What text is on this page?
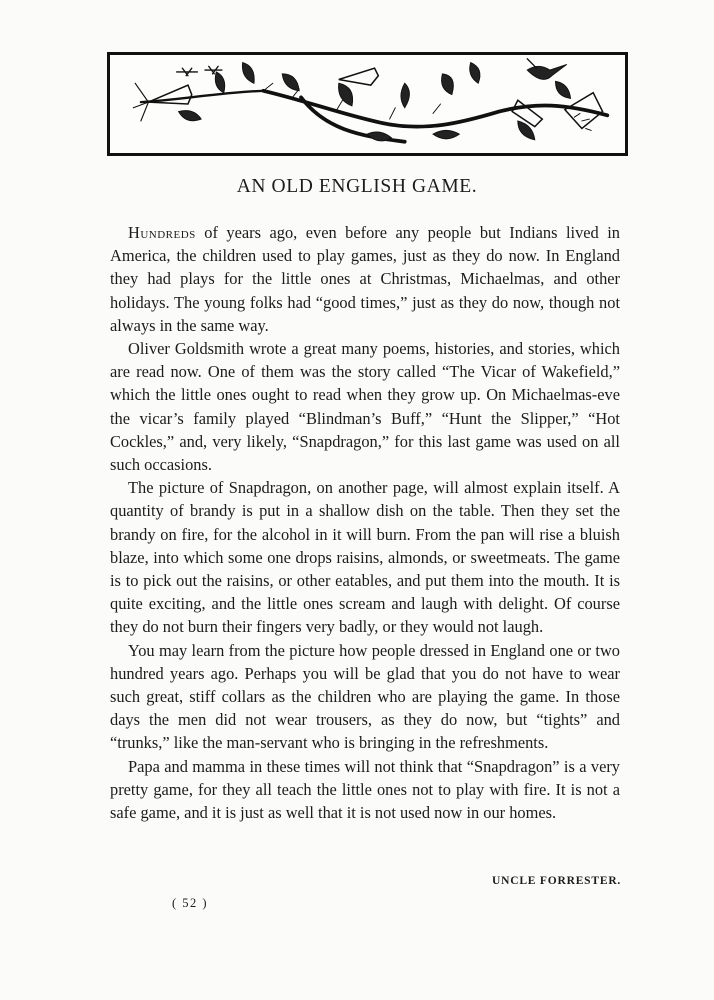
AN OLD ENGLISH GAME.

Hundreds of years ago, even before any people but Indians lived in America, the children used to play games, just as they do now. In England they had plays for the little ones at Christmas, Michaelmas, and other holidays. The young folks had “good times,” just as they do now, though not always in the same way.

Oliver Goldsmith wrote a great many poems, histories, and stories, which are read now. One of them was the story called “The Vicar of Wakefield,” which the little ones ought to read when they grow up. On Michaelmas-eve the vicar’s family played “Blindman’s Buff,” “Hunt the Slipper,” “Hot Cockles,” and, very likely, “Snapdragon,” for this last game was used on all such occasions.

The picture of Snapdragon, on another page, will almost explain itself. A quantity of brandy is put in a shallow dish on the table. Then they set the brandy on fire, for the alcohol in it will burn. From the pan will rise a bluish blaze, into which some one drops raisins, almonds, or sweetmeats. The game is to pick out the raisins, or other eatables, and put them into the mouth. It is quite exciting, and the little ones scream and laugh with delight. Of course they do not burn their fingers very badly, or they would not laugh.

You may learn from the picture how people dressed in England one or two hundred years ago. Perhaps you will be glad that you do not have to wear such great, stiff collars as the children who are playing the game. In those days the men did not wear trousers, as they do now, but “tights” and “trunks,” like the man-servant who is bringing in the refreshments.

Papa and mamma in these times will not think that “Snapdragon” is a very pretty game, for they all teach the little ones not to play with fire. It is not a safe game, and it is just as well that it is not used now in our homes.

UNCLE FORRESTER.
( 52 )
